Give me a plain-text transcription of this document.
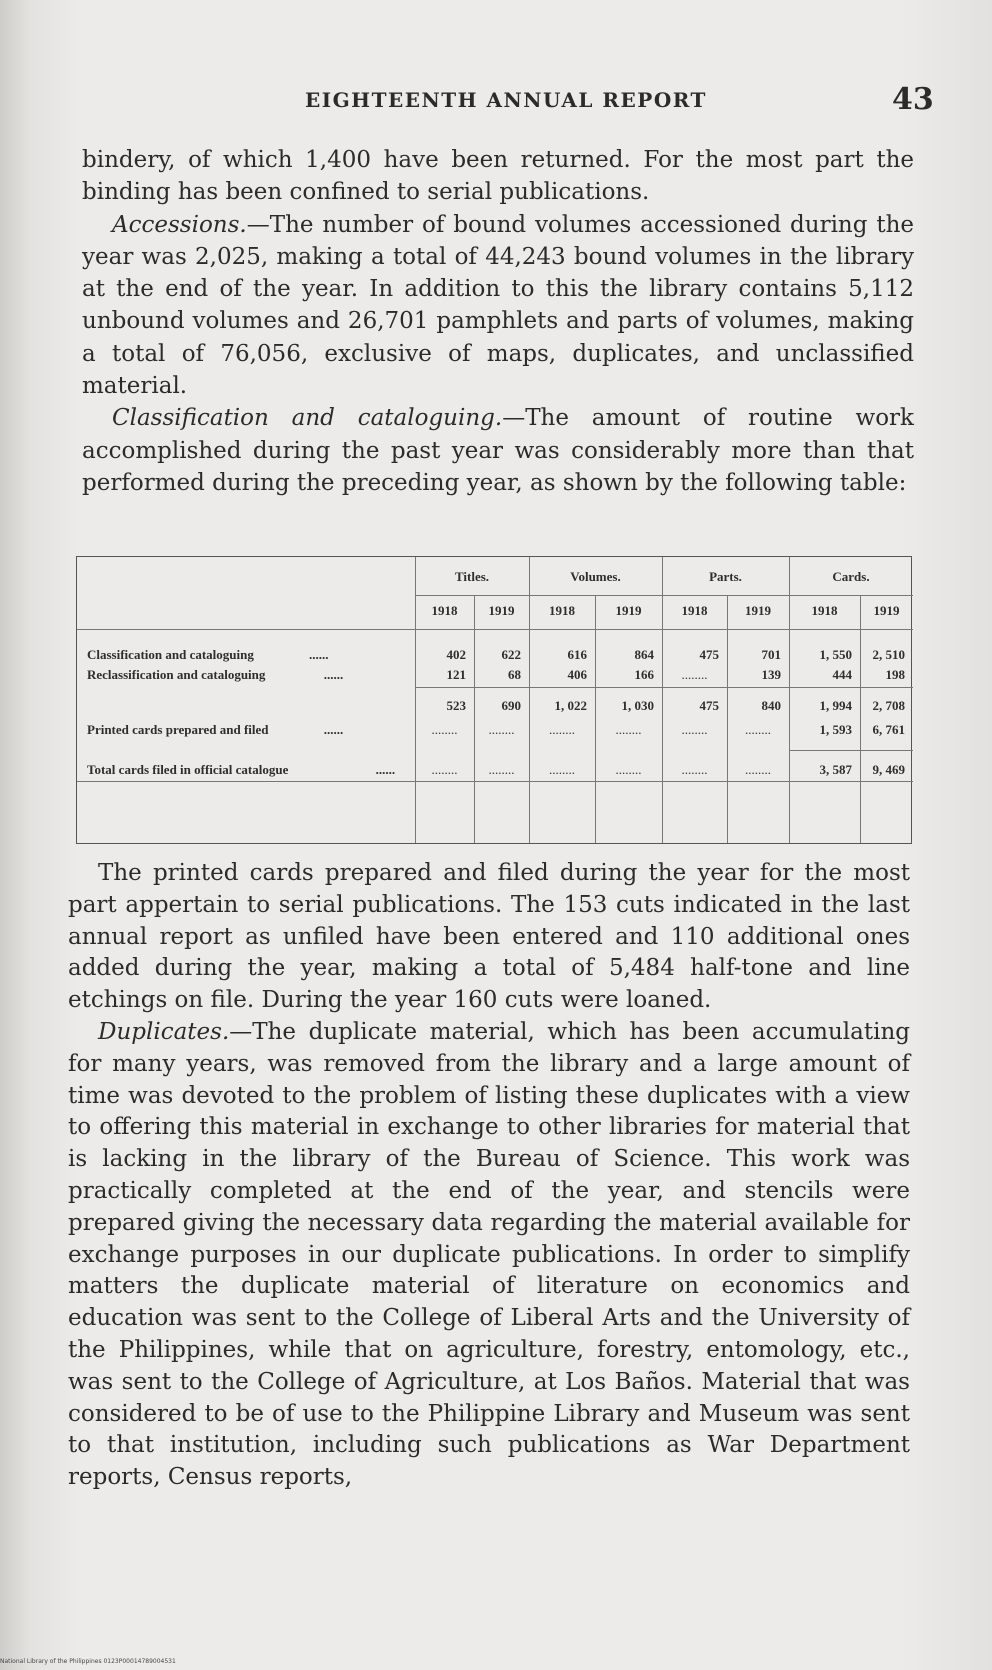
EIGHTEENTH ANNUAL REPORT	43

bindery, of which 1,400 have been returned. For the most part the binding has been confined to serial publications.

Accessions.—The number of bound volumes accessioned during the year was 2,025, making a total of 44,243 bound volumes in the library at the end of the year. In addition to this the library contains 5,112 unbound volumes and 26,701 pamphlets and parts of volumes, making a total of 76,056, exclusive of maps, duplicates, and unclassified material.

Classification and cataloguing.—The amount of routine work accomplished during the past year was considerably more than that performed during the preceding year, as shown by the following table:

Titles.	Volumes.	Parts.	Cards.
1918	1919	1918	1919	1918	1919	1918	1919
Classification and cataloguing	......	402	622	616	864	475	701	1, 550	2, 510
Reclassification and cataloguing	......	121	68	406	166	........	139	444	198
523	690	1, 022	1, 030	475	840	1, 994	2, 708
Printed cards prepared and filed	......	........	........	........	........	........	........	1, 593	6, 761
Total cards filed in official catalogue	......	........	........	........	........	........	........	3, 587	9, 469

The printed cards prepared and filed during the year for the most part appertain to serial publications. The 153 cuts indicated in the last annual report as unfiled have been entered and 110 additional ones added during the year, making a total of 5,484 half-tone and line etchings on file. During the year 160 cuts were loaned.

Duplicates.—The duplicate material, which has been accumulating for many years, was removed from the library and a large amount of time was devoted to the problem of listing these duplicates with a view to offering this material in exchange to other libraries for material that is lacking in the library of the Bureau of Science. This work was practically completed at the end of the year, and stencils were prepared giving the necessary data regarding the material available for exchange purposes in our duplicate publications. In order to simplify matters the duplicate material of literature on economics and education was sent to the College of Liberal Arts and the University of the Philippines, while that on agriculture, forestry, entomology, etc., was sent to the College of Agriculture, at Los Baños. Material that was considered to be of use to the Philippine Library and Museum was sent to that institution, including such publications as War Department reports, Census reports,

National Library of the Philippines 0123P00014789004531
